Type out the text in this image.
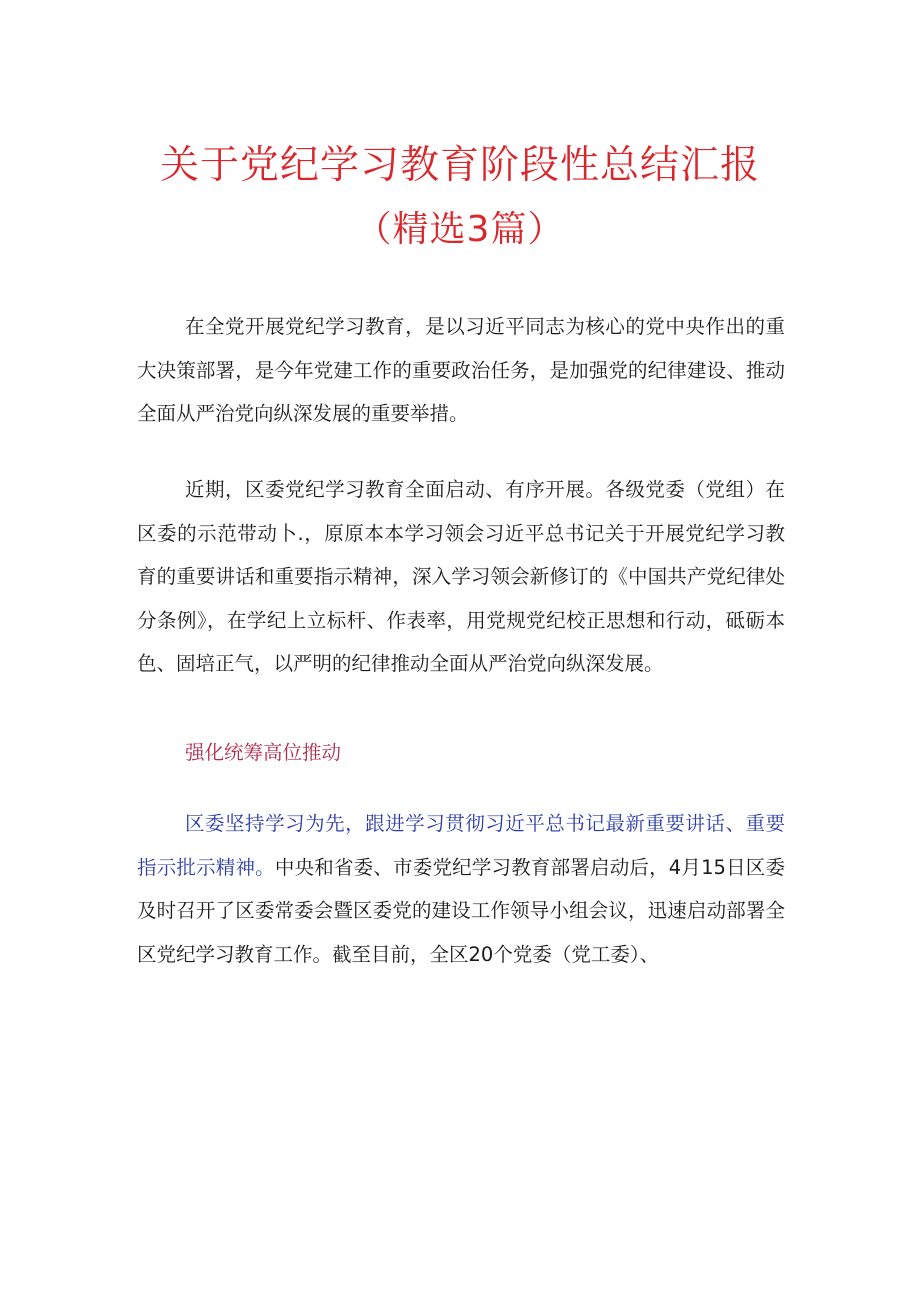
关于党纪学习教育阶段性总结汇报
（精选3篇）

在全党开展党纪学习教育，是以习近平同志为核心的党中央作出的重大决策部署，是今年党建工作的重要政治任务，是加强党的纪律建设、推动全面从严治党向纵深发展的重要举措。

近期，区委党纪学习教育全面启动、有序开展。各级党委（党组）在区委的示范带动卜.，原原本本学习领会习近平总书记关于开展党纪学习教育的重要讲话和重要指示精神，深入学习领会新修订的《中国共产党纪律处分条例》，在学纪上立标杆、作表率，用党规党纪校正思想和行动，砥砺本色、固培正气，以严明的纪律推动全面从严治党向纵深发展。

强化统筹高位推动

区委坚持学习为先，跟进学习贯彻习近平总书记最新重要讲话、重要指示批示精神。中央和省委、市委党纪学习教育部署启动后，4月15日区委及时召开了区委常委会暨区委党的建设工作领导小组会议，迅速启动部署全区党纪学习教育工作。截至目前，全区20个党委（党工委）、
